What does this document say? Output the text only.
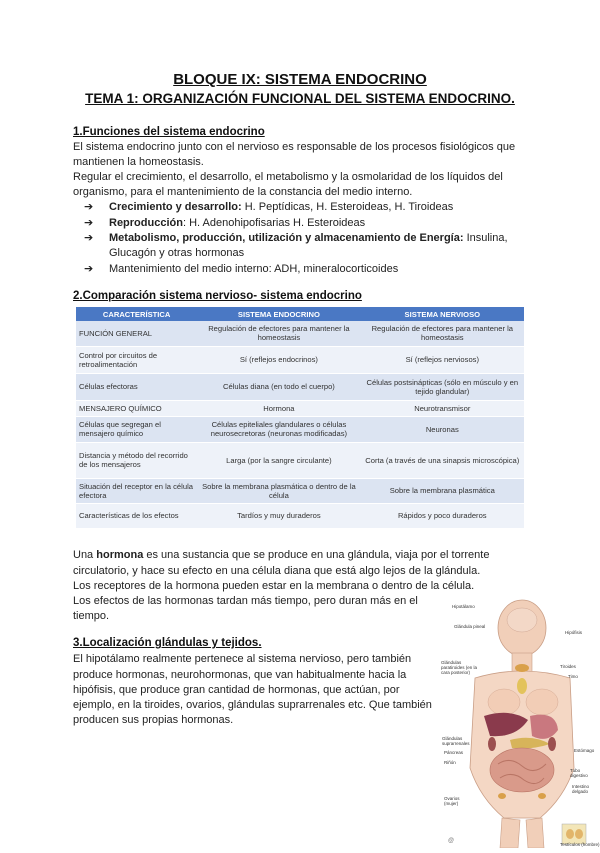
BLOQUE IX: SISTEMA ENDOCRINO
TEMA 1: ORGANIZACIÓN FUNCIONAL DEL SISTEMA ENDOCRINO.
1.Funciones del sistema endocrino
El sistema endocrino junto con el nervioso es responsable de los procesos fisiológicos que
mantienen la homeostasis.
Regular el crecimiento, el desarrollo, el metabolismo y la osmolaridad de los líquidos del
organismo, para el mantenimiento de la constancia del medio interno.
➔ Crecimiento y desarrollo: H. Peptídicas, H. Esteroideas, H. Tiroideas
➔ Reproducción: H. Adenohipofisarias H. Esteroideas
➔ Metabolismo, producción, utilización y almacenamiento de Energía: Insulina,
Glucagón y otras hormonas
➔ Mantenimiento del medio interno: ADH, mineralocorticoides
2.Comparación sistema nervioso- sistema endocrino
CARACTERÍSTICA	SISTEMA ENDOCRINO	SISTEMA NERVIOSO
FUNCIÓN GENERAL	Regulación de efectores para mantener la homeostasis	Regulación de efectores para mantener la homeostasis
Control por circuitos de retroalimentación	Sí (reflejos endocrinos)	Sí (reflejos nerviosos)
Células efectoras	Células diana (en todo el cuerpo)	Células postsinápticas (sólo en músculo y en tejido glandular)
MENSAJERO QUÍMICO	Hormona	Neurotransmisor
Células que segregan el mensajero químico	Células epiteliales glandulares o células neurosecretoras (neuronas modificadas)	Neuronas
Distancia y método del recorrido de los mensajeros	Larga (por la sangre circulante)	Corta (a través de una sinapsis microscópica)
Situación del receptor en la célula efectora	Sobre la membrana plasmática o dentro de la célula	Sobre la membrana plasmática
Características de los efectos	Tardíos y muy duraderos	Rápidos y poco duraderos
Una hormona es una sustancia que se produce en una glándula, viaja por el torrente
circulatorio, y hace su efecto en una célula diana que está algo lejos de la glándula.
Los receptores de la hormona pueden estar en la membrana o dentro de la célula.
Los efectos de las hormonas tardan más tiempo, pero duran más en el
tiempo.
3.Localización glándulas y tejidos.
El hipotálamo realmente pertenece al sistema nervioso, pero también
produce hormonas, neurohormonas, que van habitualmente hacia la
hipófisis, que produce gran cantidad de hormonas, que actúan, por
ejemplo, en la tiroides, ovarios, glándulas suprarrenales etc. Que también
producen sus propias hormonas.
Hipotálamo
Glándula pineal
Hipófisis
Glándulas paratiroides (en la cara posterior)
Tiroides
Timo
Estómago
Glándulas suprarrenales
Páncreas
Riñón
Tubo digestivo
Intestino delgado
Ovarios (mujer)
Testículos (hombre)
@
